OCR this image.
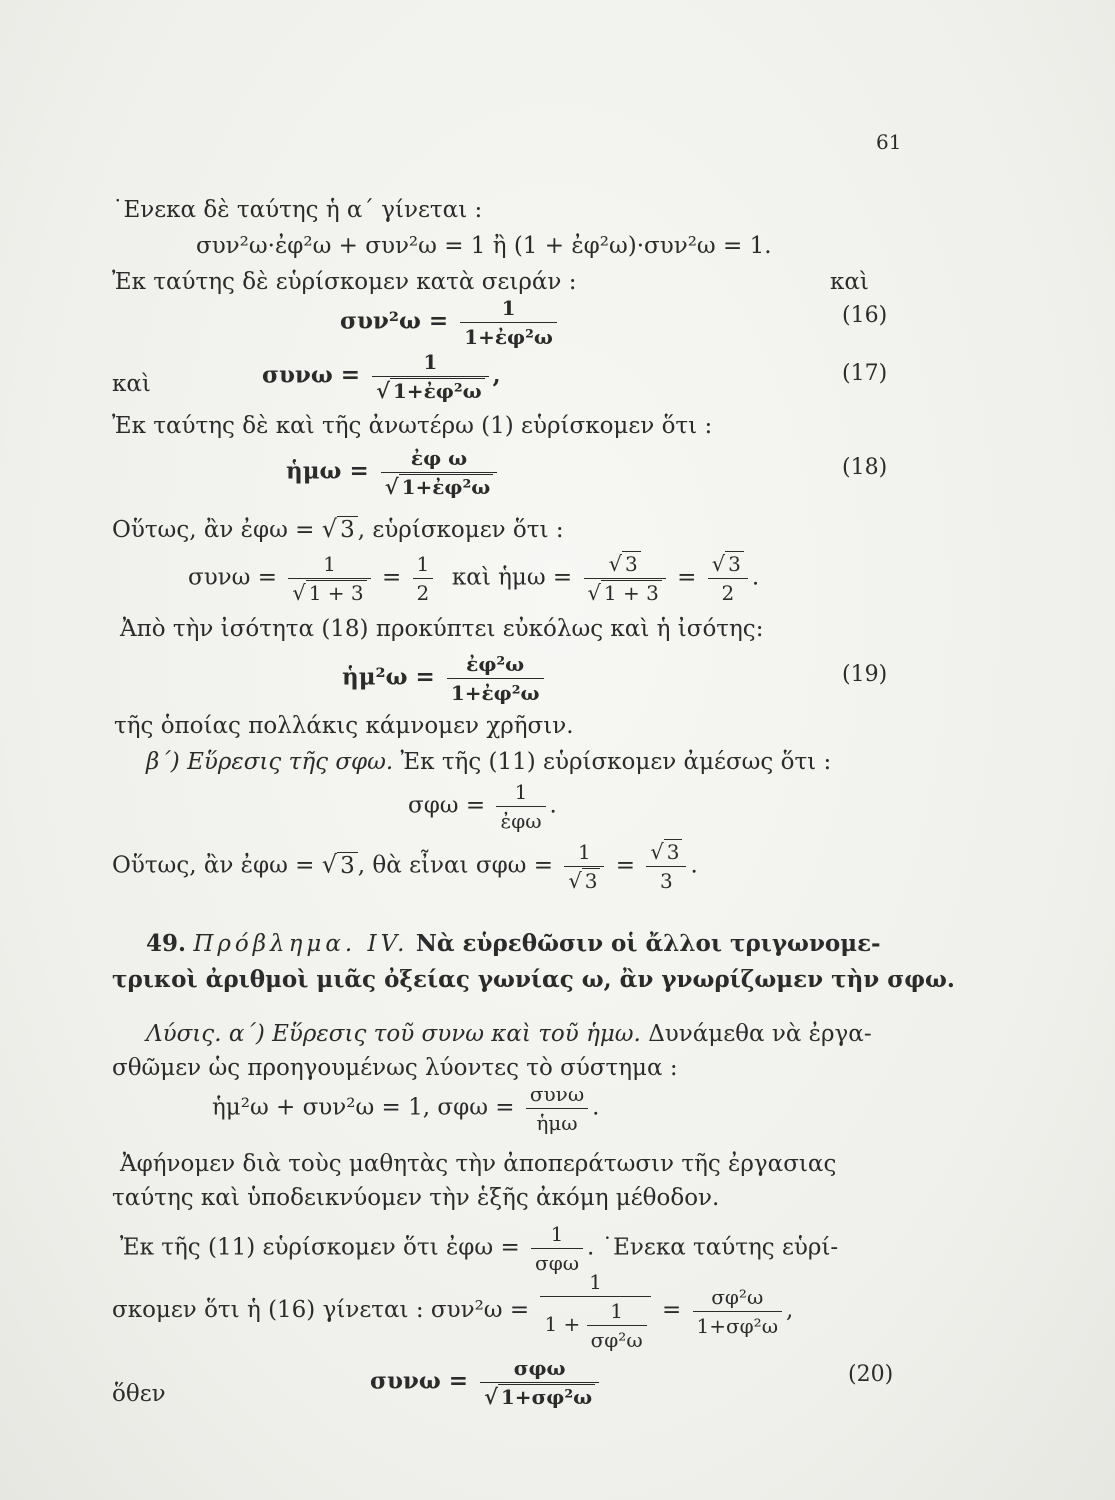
61
˙Ενεκα δὲ ταύτης ἡ α΄ γίνεται :
συν²ω·ἐφ²ω + συν²ω = 1 ἢ (1 + ἐφ²ω)·συν²ω = 1.
Ἐκ ταύτης δὲ εὑρίσκομεν κατὰ σειράν :	καὶ
$\sigma\upsilon\nu^2\omega = \frac{1}{\text{1+ἐφ²ω}}$	(16)
καὶ	$\sigma\upsilon\nu\omega = \frac{1}{\text{√ 1+ἐφ²ω}}$ ,	(17)
Ἐκ ταύτης δὲ καὶ τῆς ἀνωτέρω (1) εὑρίσκομεν ὅτι :
ἡμω = $\frac{\text{ἐφ ω}}{\text{√ 1+ἐφ²ω}}$	(18)
Οὕτως, ἂν ἐφω = √ 3 , εὑρίσκομεν ὅτι :
$\sigma\upsilon\nu\omega = \frac{1}{√ 1 + 3} = \frac{1}{2}$ καὶ ἡμω = $\frac{√ 3}{√ 1 + 3} = \frac{√ 3}{2}$ .
Ἀπὸ τὴν ἰσότητα (18) προκύπτει εὐκόλως καὶ ἡ ἰσότης:
ἡμ²ω = $\frac{\text{ἐφ²ω}}{\text{1+ἐφ²ω}}$	(19)
τῆς ὁποίας πολλάκις κάμνομεν χρῆσιν.
β΄) Εὕρεσις τῆς σφω. Ἐκ τῆς (11) εὑρίσκομεν ἀμέσως ὅτι :
$\sigma\varphi\omega = \frac{1}{\text{ἐφω}}$ .
Οὕτως, ἂν ἐφω = √ 3 , θὰ εἶναι $\sigma\varphi\omega = \frac{1}{√ 3} = \frac{√ 3}{3}$ .
49. Πρόβλημα. IV. Νὰ εὑρεθῶσιν οἱ ἄλλοι τριγωνομε-
τρικοὶ ἀριθμοὶ μιᾶς ὀξείας γωνίας ω, ἂν γνωρίζωμεν τὴν σφω.
Λύσις. α΄) Εὕρεσις τοῦ συνω καὶ τοῦ ἡμω. Δυνάμεθα νὰ ἐργα-
σθῶμεν ὡς προηγουμένως λύοντες τὸ σύστημα :
ἡμ²ω + συν²ω = 1, $\sigma\varphi\omega = \frac{\text{συνω}}{\text{ἡμω}}$ .
Ἀφήνομεν διὰ τοὺς μαθητὰς τὴν ἀποπεράτωσιν τῆς ἐργασιας
ταύτης καὶ ὑποδεικνύομεν τὴν ἑξῆς ἀκόμη μέθοδον.
Ἐκ τῆς (11) εὑρίσκομεν ὅτι ἐφω = $\frac{1}{\text{σφω}}$ . ˙Ενεκα ταύτης εὑρί-
σκομεν ὅτι ἡ (16) γίνεται : $\sigma\upsilon\nu^2\omega = \frac{1}{1 + \frac{1}{\text{σφ²ω}}} = \frac{\text{σφ²ω}}{\text{1+σφ²ω}}$ ,
ὅθεν	$\sigma\upsilon\nu\omega = \frac{\text{σφω}}{\text{√ 1+σφ²ω}}$	(20)
